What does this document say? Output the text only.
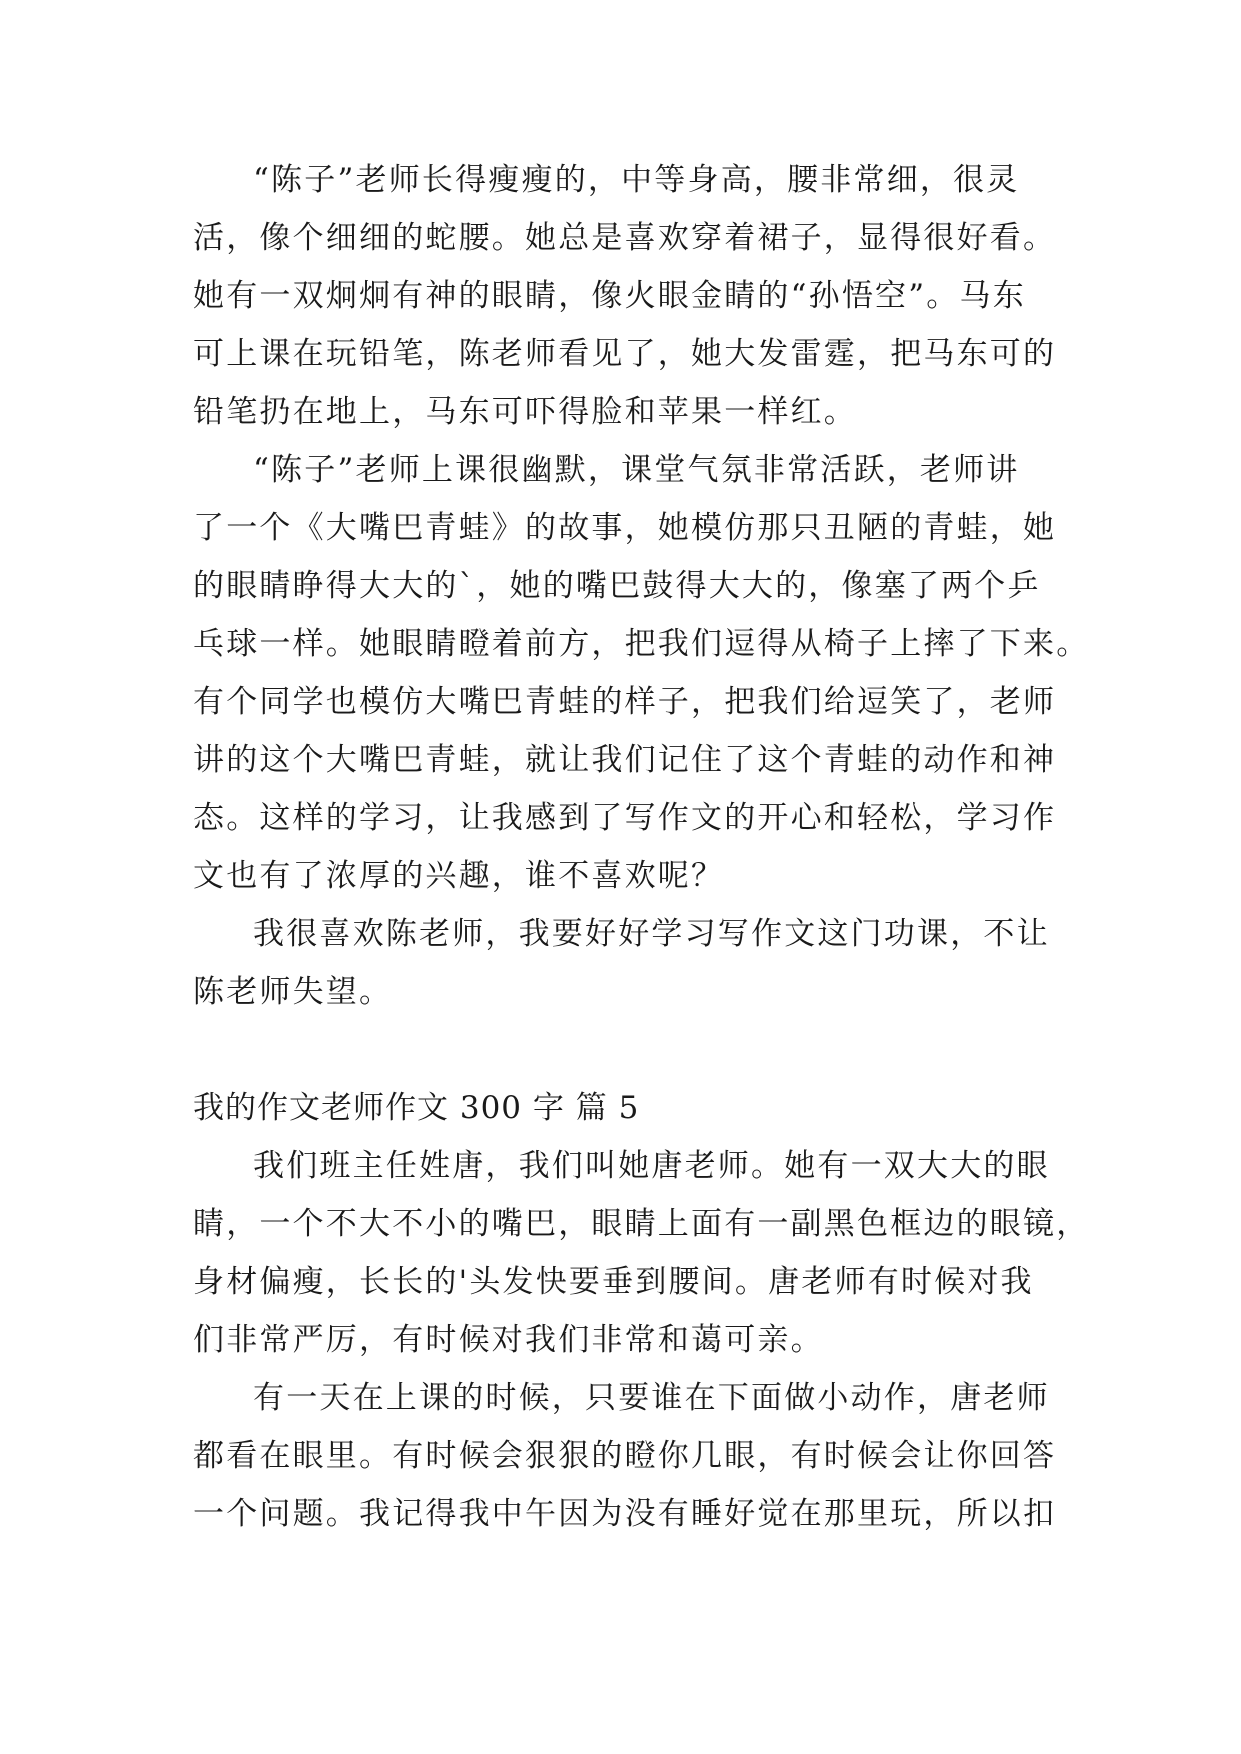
“陈子”老师长得瘦瘦的，中等身高，腰非常细，很灵
活，像个细细的蛇腰。她总是喜欢穿着裙子，显得很好看。
她有一双炯炯有神的眼睛，像火眼金睛的“孙悟空”。马东
可上课在玩铅笔，陈老师看见了，她大发雷霆，把马东可的
铅笔扔在地上，马东可吓得脸和苹果一样红。
“陈子”老师上课很幽默，课堂气氛非常活跃，老师讲
了一个《大嘴巴青蛙》的故事，她模仿那只丑陋的青蛙，她
的眼睛睁得大大的`，她的嘴巴鼓得大大的，像塞了两个乒
乓球一样。她眼睛瞪着前方，把我们逗得从椅子上摔了下来。
有个同学也模仿大嘴巴青蛙的样子，把我们给逗笑了，老师
讲的这个大嘴巴青蛙，就让我们记住了这个青蛙的动作和神
态。这样的学习，让我感到了写作文的开心和轻松，学习作
文也有了浓厚的兴趣，谁不喜欢呢？
我很喜欢陈老师，我要好好学习写作文这门功课，不让
陈老师失望。
我的作文老师作文 300 字 篇 5
我们班主任姓唐，我们叫她唐老师。她有一双大大的眼
睛，一个不大不小的嘴巴，眼睛上面有一副黑色框边的眼镜，
身材偏瘦，长长的'头发快要垂到腰间。唐老师有时候对我
们非常严厉，有时候对我们非常和蔼可亲。
有一天在上课的时候，只要谁在下面做小动作，唐老师
都看在眼里。有时候会狠狠的瞪你几眼，有时候会让你回答
一个问题。我记得我中午因为没有睡好觉在那里玩，所以扣
